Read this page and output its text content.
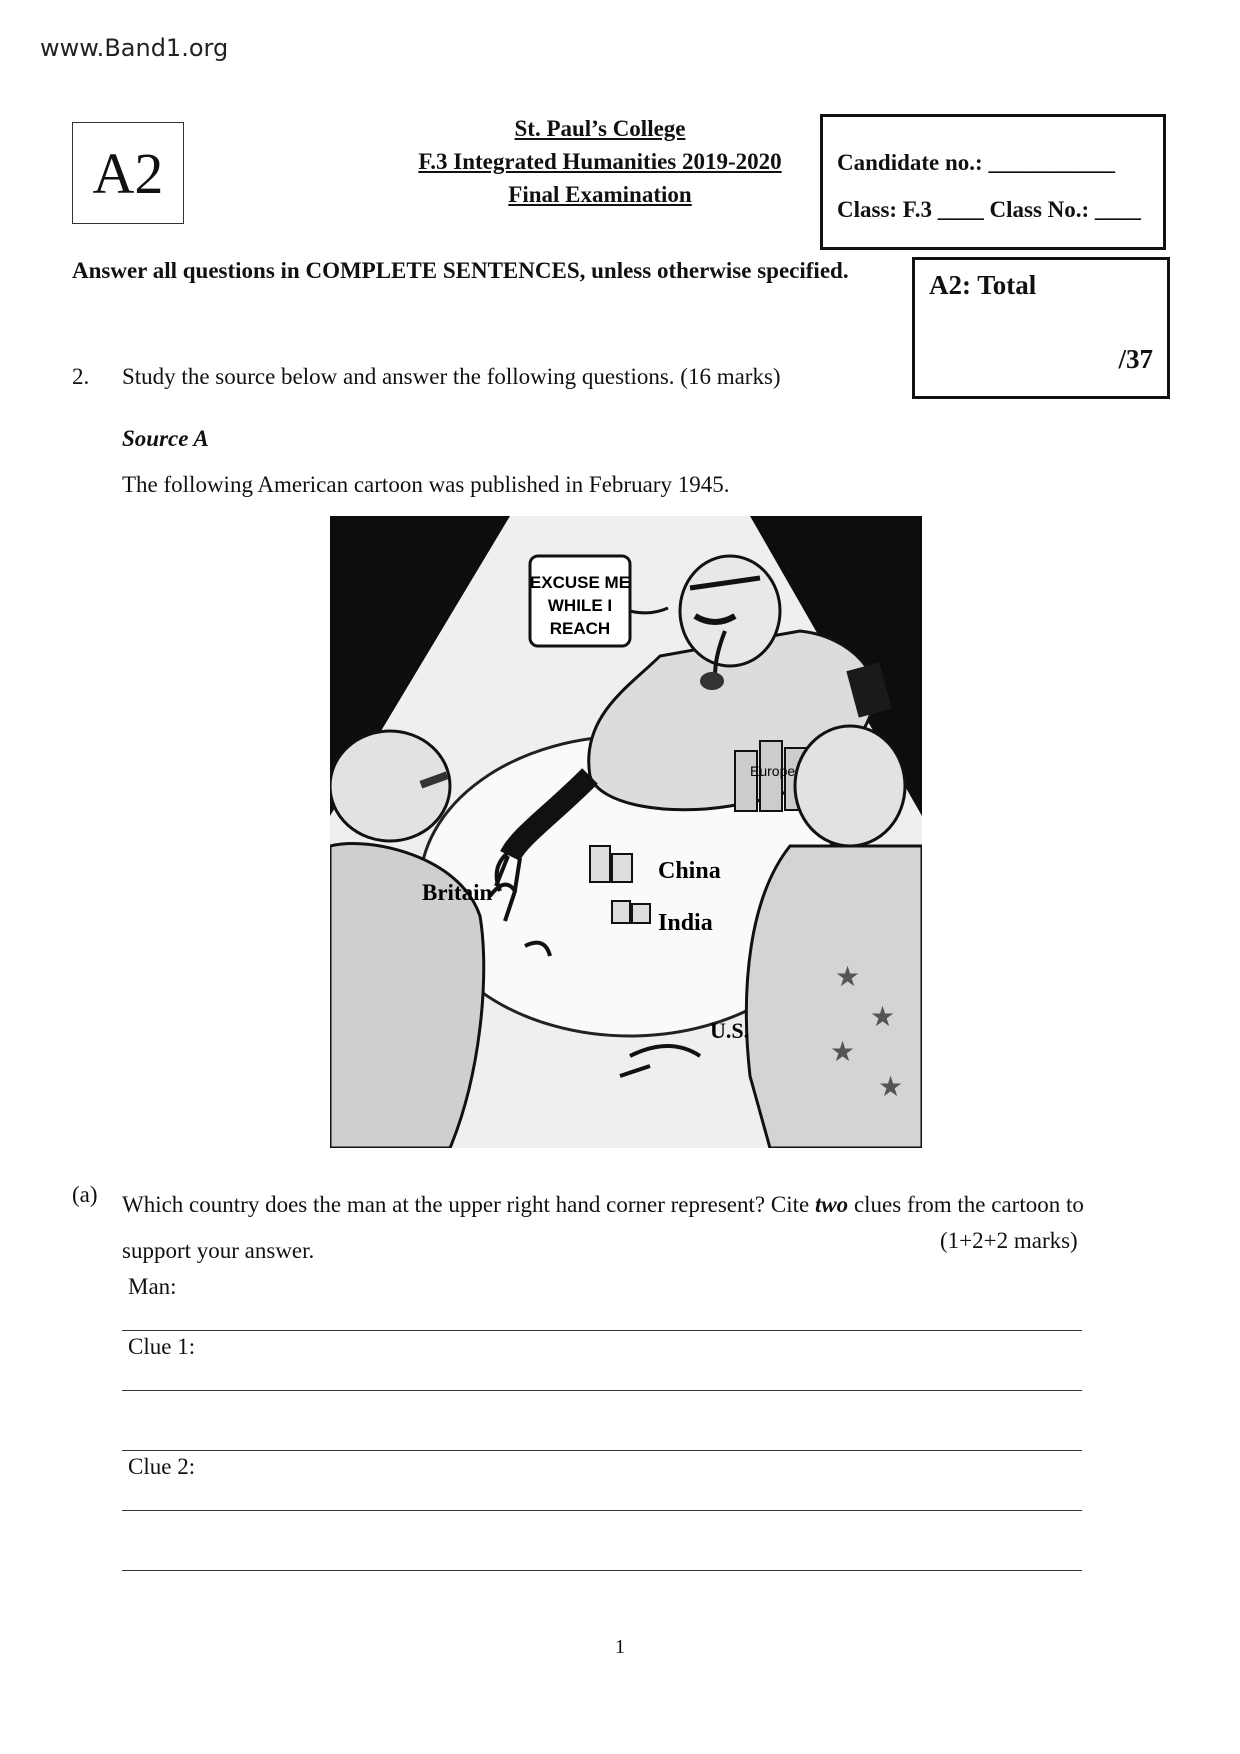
www.Band1.org
A2
St. Paul’s College
F.3 Integrated Humanities 2019-2020
Final Examination
Candidate no.: ___________
Class: F.3 ____ Class No.: ____
A2: Total
/37
Answer all questions in COMPLETE SENTENCES, unless otherwise specified.
2. Study the source below and answer the following questions. (16 marks)
Source A
The following American cartoon was published in February 1945.
EXCUSE ME
WHILE I
REACH
Europe
China
India
Britain
★
★
★
★
U.S.
(a) Which country does the man at the upper right hand corner represent? Cite two clues from the cartoon to support your answer.	(1+2+2 marks)
Man:
Clue 1:
Clue 2:
1
